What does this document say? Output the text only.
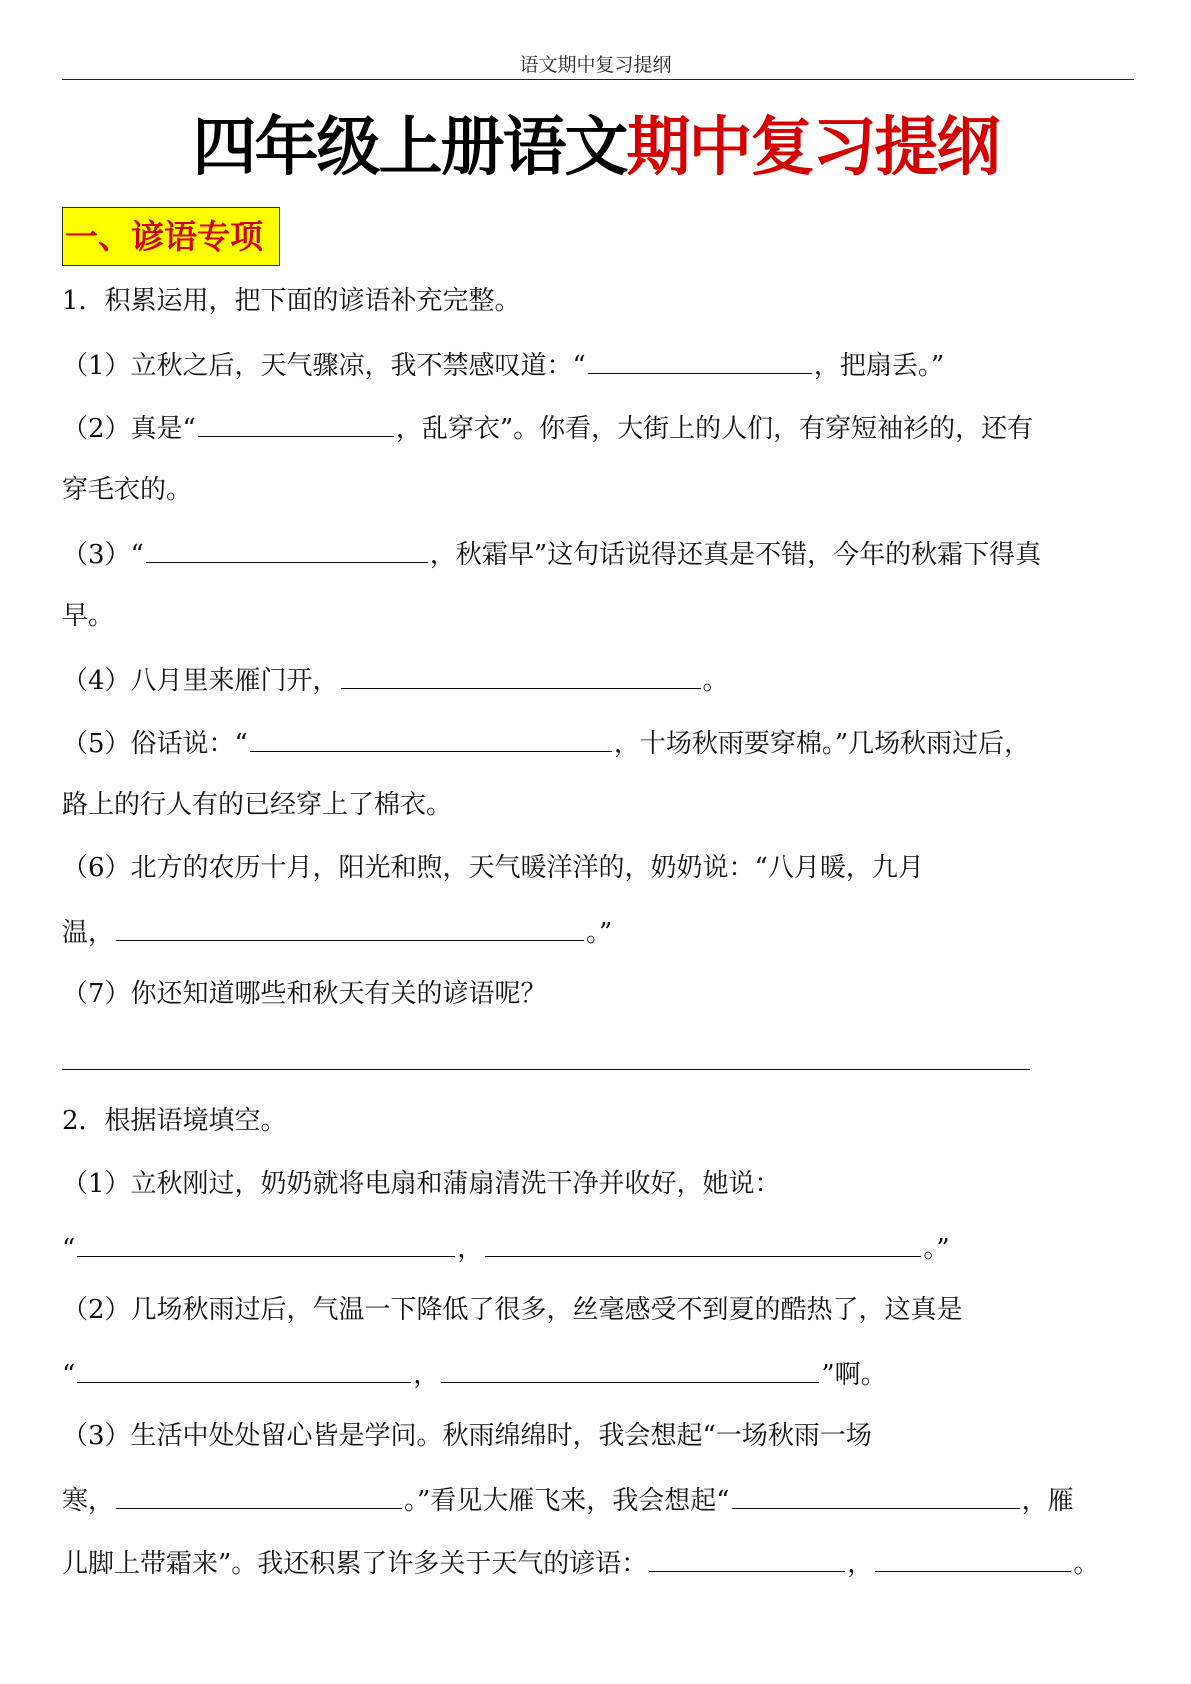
语文期中复习提纲
四年级上册语文期中复习提纲
一、谚语专项
1．积累运用，把下面的谚语补充完整。
（1）立秋之后，天气骤凉，我不禁感叹道：“	，把扇丢。”
（2）真是“	，乱穿衣”。你看，大街上的人们，有穿短袖衫的，还有
穿毛衣的。
（3）“	，秋霜早”这句话说得还真是不错，今年的秋霜下得真
早。
（4）八月里来雁门开，	。
（5）俗话说：“	，十场秋雨要穿棉。”几场秋雨过后，
路上的行人有的已经穿上了棉衣。
（6）北方的农历十月，阳光和煦，天气暖洋洋的，奶奶说：“八月暖，九月
温，	。”
（7）你还知道哪些和秋天有关的谚语呢？
2．根据语境填空。
（1）立秋刚过，奶奶就将电扇和蒲扇清洗干净并收好，她说：
“	，	。”
（2）几场秋雨过后，气温一下降低了很多，丝毫感受不到夏的酷热了，这真是
“	，	”啊。
（3）生活中处处留心皆是学问。秋雨绵绵时，我会想起“一场秋雨一场
寒，	。”看见大雁飞来，我会想起“	，雁
儿脚上带霜来”。我还积累了许多关于天气的谚语：	，	。
